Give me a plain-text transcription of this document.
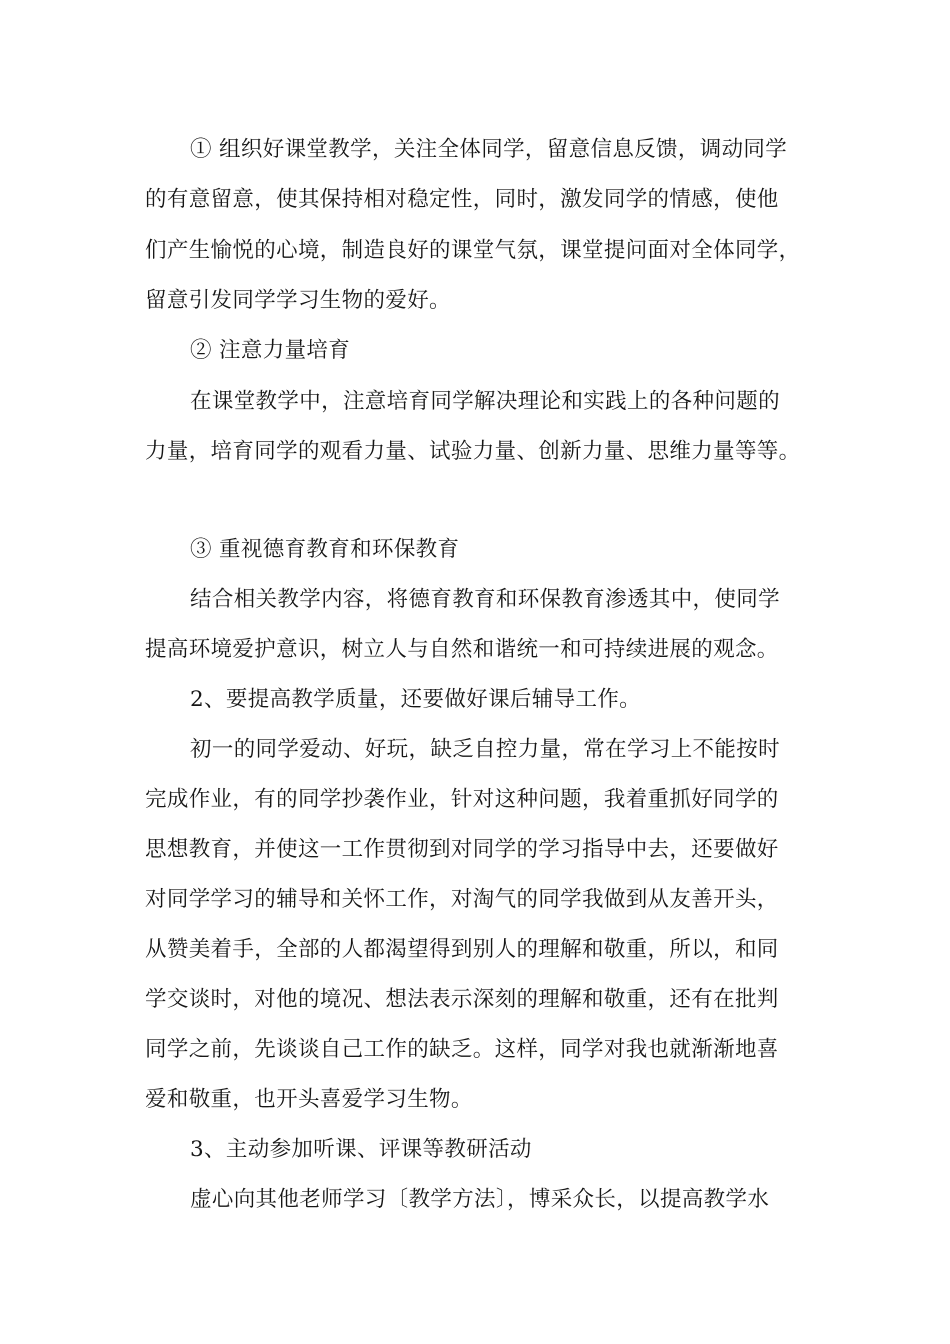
① 组织好课堂教学，关注全体同学，留意信息反馈，调动同学
的有意留意，使其保持相对稳定性，同时，激发同学的情感，使他
们产生愉悦的心境，制造良好的课堂气氛，课堂提问面对全体同学，
留意引发同学学习生物的爱好。
② 注意力量培育
在课堂教学中，注意培育同学解决理论和实践上的各种问题的
力量，培育同学的观看力量、试验力量、创新力量、思维力量等等。
③ 重视德育教育和环保教育
结合相关教学内容，将德育教育和环保教育渗透其中，使同学
提高环境爱护意识，树立人与自然和谐统一和可持续进展的观念。
2、要提高教学质量，还要做好课后辅导工作。
初一的同学爱动、好玩，缺乏自控力量，常在学习上不能按时
完成作业，有的同学抄袭作业，针对这种问题，我着重抓好同学的
思想教育，并使这一工作贯彻到对同学的学习指导中去，还要做好
对同学学习的辅导和关怀工作，对淘气的同学我做到从友善开头，
从赞美着手，全部的人都渴望得到别人的理解和敬重，所以，和同
学交谈时，对他的境况、想法表示深刻的理解和敬重，还有在批判
同学之前，先谈谈自己工作的缺乏。这样，同学对我也就渐渐地喜
爱和敬重，也开头喜爱学习生物。
3、主动参加听课、评课等教研活动
虚心向其他老师学习〔教学方法〕，博采众长，以提高教学水
